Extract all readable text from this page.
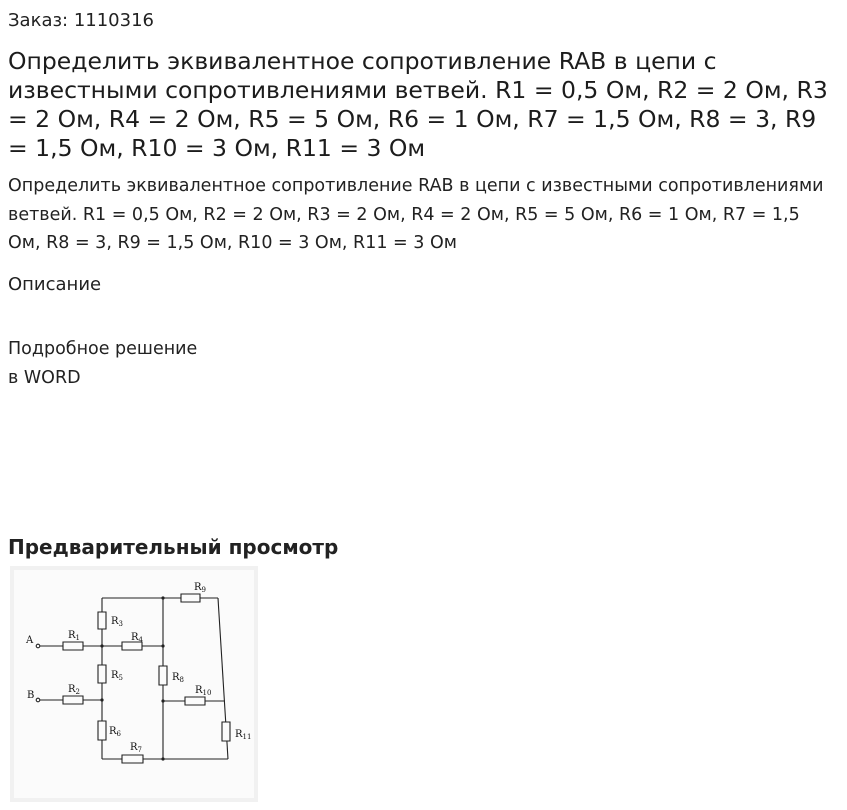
Заказ: 1110316
Определить эквивалентное сопротивление RAB в цепи с известными сопротивлениями ветвей. R1 = 0,5 Ом, R2 = 2 Ом, R3 = 2 Ом, R4 = 2 Ом, R5 = 5 Ом, R6 = 1 Ом, R7 = 1,5 Ом, R8 = 3, R9 = 1,5 Ом, R10 = 3 Ом, R11 = 3 Ом
Определить эквивалентное сопротивление RAB в цепи с известными сопротивлениями ветвей. R1 = 0,5 Ом, R2 = 2 Ом, R3 = 2 Ом, R4 = 2 Ом, R5 = 5 Ом, R6 = 1 Ом, R7 = 1,5 Ом, R8 = 3, R9 = 1,5 Ом, R10 = 3 Ом, R11 = 3 Ом
Описание
Подробное решение
в WORD
Предварительный просмотр
A
B
$R_1$
$R_2$
$R_3$
$R_4$
$R_5$
$R_6$
$R_7$
$R_8$
$R_9$
$R_{10}$
$R_{11}$
